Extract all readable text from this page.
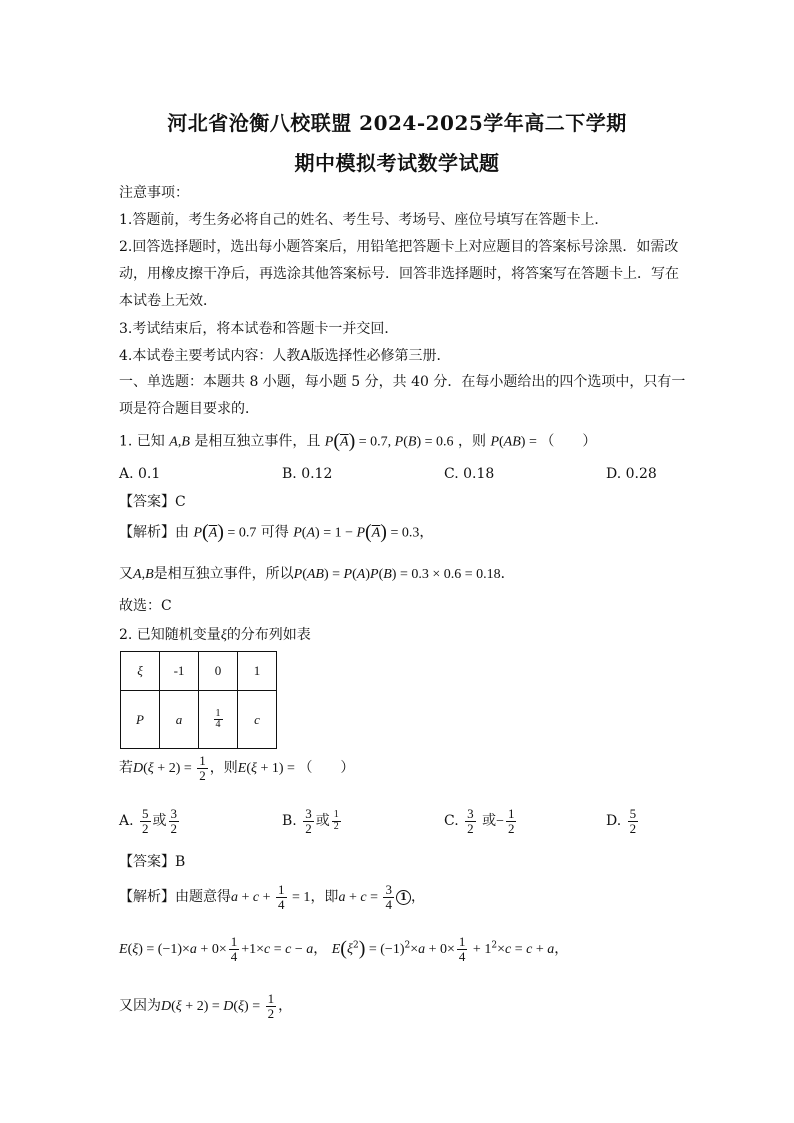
河北省沧衡八校联盟 2024-2025学年高二下学期
期中模拟考试数学试题
注意事项：
1.答题前，考生务必将自己的姓名、考生号、考场号、座位号填写在答题卡上．
2.回答选择题时，选出每小题答案后，用铅笔把答题卡上对应题目的答案标号涂黑．如需改
动，用橡皮擦干净后，再选涂其他答案标号．回答非选择题时，将答案写在答题卡上．写在
本试卷上无效．
3.考试结束后，将本试卷和答题卡一并交回．
4.本试卷主要考试内容：人教A版选择性必修第三册．
一、单选题：本题共 8 小题，每小题 5 分，共 40 分．在每小题给出的四个选项中，只有一
项是符合题目要求的．
1. 已知 A,B 是相互独立事件，且 $P(\overline{A}) = 0.7$, P(B) = 0.6 ，则 P(AB) = （　　）
A. 0.1	B. 0.12	C. 0.18	D. 0.28
【答案】C
【解析】由 $P(\overline{A}) = 0.7$ 可得 $P(A) = 1 - P(\overline{A}) = 0.3$，
又A,B是相互独立事件，所以P(AB) = P(A)P(B) = 0.3 × 0.6 = 0.18．
故选：C
2. 已知随机变量ξ的分布列如表
ξ	-1	0	1
P	a	$\frac{1}{4}$	c
若$D(\xi + 2) = \frac{1}{2}$ ，则E(ξ + 1) = （　　）
A. $\frac{5}{2}$ 或 $\frac{3}{2}$	B. $\frac{3}{2}$ 或 $\frac{1}{2}$	C. $\frac{3}{2}$ 或− $\frac{1}{2}$	D. $\frac{5}{2}$
【答案】B
【解析】由题意得$a + c + \frac{1}{4} = 1$，即$a + c = \frac{3}{4} 1$ ，
$E(\xi) = (-1)\times a + 0\times \frac{1}{4} +1\times c = c - a$， $E(\xi^2) = (-1)^2\times a + 0\times \frac{1}{4} + 1^2\times c = c + a$，
又因为$D(\xi + 2) = D(\xi) = \frac{1}{2}$ ，
